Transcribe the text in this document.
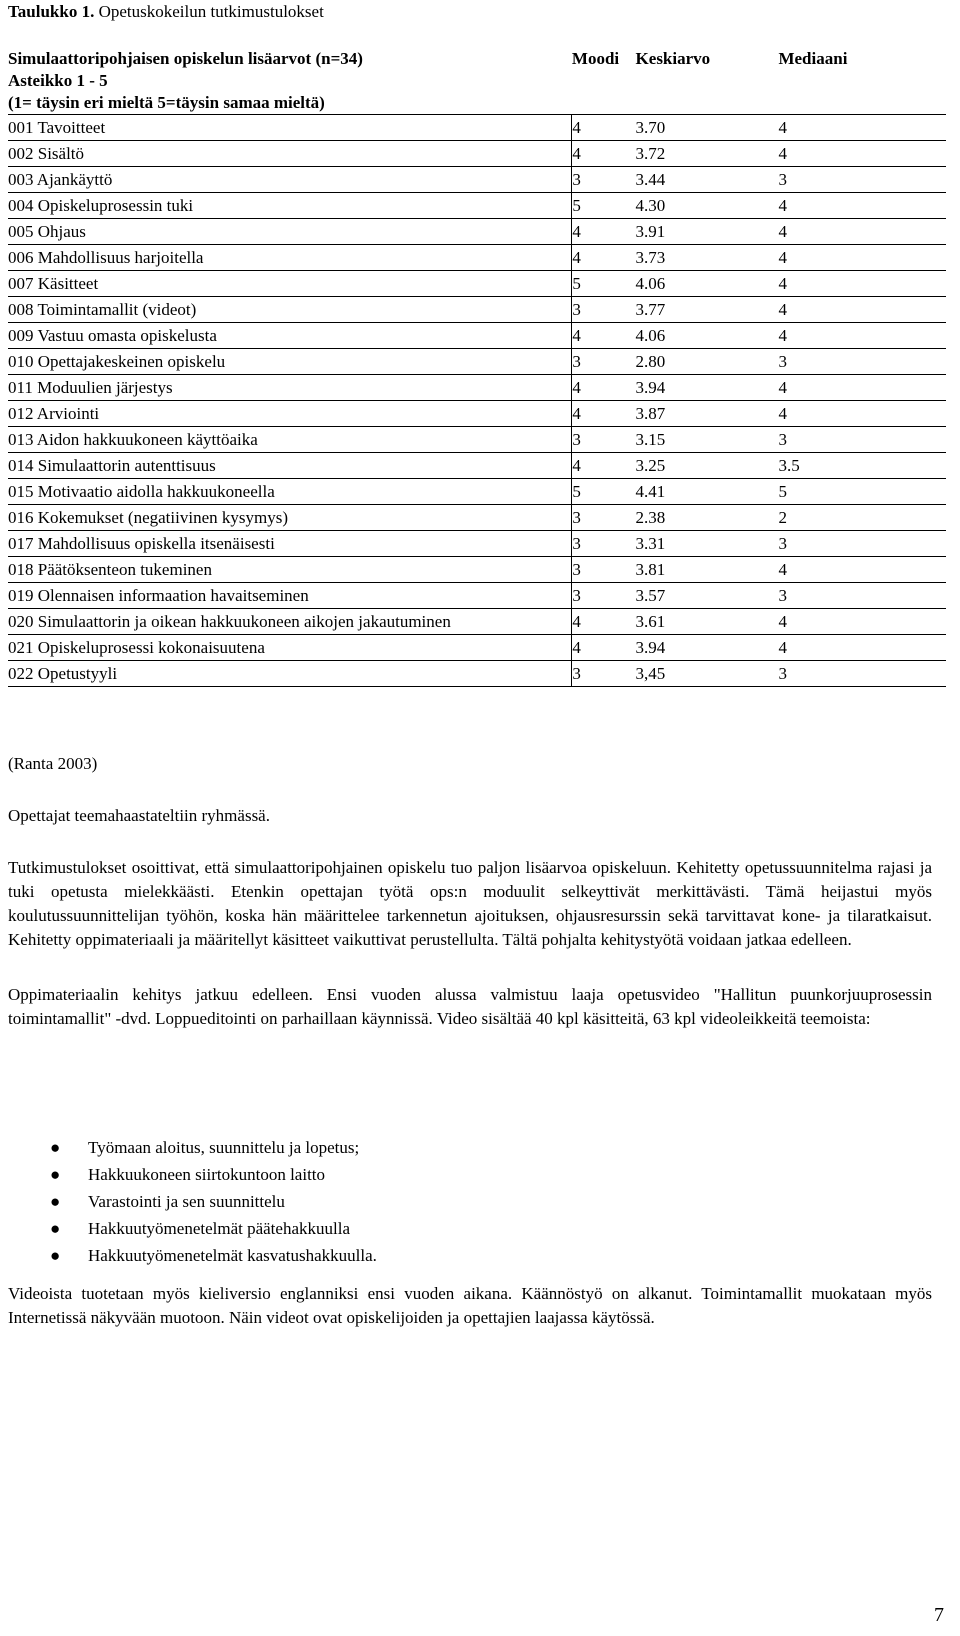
Taulukko 1. Opetuskokeilun tutkimustulokset
Simulaattoripohjaisen opiskelun lisäarvot (n=34)
Asteikko 1 - 5
(1= täysin eri mieltä 5=täysin samaa mieltä)	Moodi	Keskiarvo	Mediaani
001 Tavoitteet	4	3.70	4
002 Sisältö	4	3.72	4
003 Ajankäyttö	3	3.44	3
004 Opiskeluprosessin tuki	5	4.30	4
005 Ohjaus	4	3.91	4
006 Mahdollisuus harjoitella	4	3.73	4
007 Käsitteet	5	4.06	4
008 Toimintamallit (videot)	3	3.77	4
009 Vastuu omasta opiskelusta	4	4.06	4
010 Opettajakeskeinen opiskelu	3	2.80	3
011 Moduulien järjestys	4	3.94	4
012 Arviointi	4	3.87	4
013 Aidon hakkuukoneen käyttöaika	3	3.15	3
014 Simulaattorin autenttisuus	4	3.25	3.5
015 Motivaatio aidolla hakkuukoneella	5	4.41	5
016 Kokemukset (negatiivinen kysymys)	3	2.38	2
017 Mahdollisuus opiskella itsenäisesti	3	3.31	3
018 Päätöksenteon tukeminen	3	3.81	4
019 Olennaisen informaation havaitseminen	3	3.57	3
020 Simulaattorin ja oikean hakkuukoneen aikojen jakautuminen	4	3.61	4
021 Opiskeluprosessi kokonaisuutena	4	3.94	4
022 Opetustyyli	3	3,45	3
(Ranta 2003)
Opettajat teemahaastateltiin ryhmässä.
Tutkimustulokset osoittivat, että simulaattoripohjainen opiskelu tuo paljon lisäarvoa opiskeluun. Kehitetty opetussuunnitelma rajasi ja tuki opetusta mielekkäästi. Etenkin opettajan työtä ops:n moduulit selkeyttivät merkittävästi. Tämä heijastui myös koulutussuunnittelijan työhön, koska hän määrittelee tarkennetun ajoituksen, ohjausresurssin sekä tarvittavat kone- ja tilaratkaisut. Kehitetty oppimateriaali ja määritellyt käsitteet vaikuttivat perustellulta. Tältä pohjalta kehitystyötä voidaan jatkaa edelleen.
Oppimateriaalin kehitys jatkuu edelleen. Ensi vuoden alussa valmistuu laaja opetusvideo "Hallitun puunkorjuuprosessin toimintamallit" -dvd. Loppueditointi on parhaillaan käynnissä. Video sisältää 40 kpl käsitteitä, 63 kpl videoleikkeitä teemoista:
● Työmaan aloitus, suunnittelu ja lopetus;
● Hakkuukoneen siirtokuntoon laitto
● Varastointi ja sen suunnittelu
● Hakkuutyömenetelmät päätehakkuulla
● Hakkuutyömenetelmät kasvatushakkuulla.
Videoista tuotetaan myös kieliversio englanniksi ensi vuoden aikana. Käännöstyö on alkanut. Toimintamallit muokataan myös Internetissä näkyvään muotoon. Näin videot ovat opiskelijoiden ja opettajien laajassa käytössä.
7
